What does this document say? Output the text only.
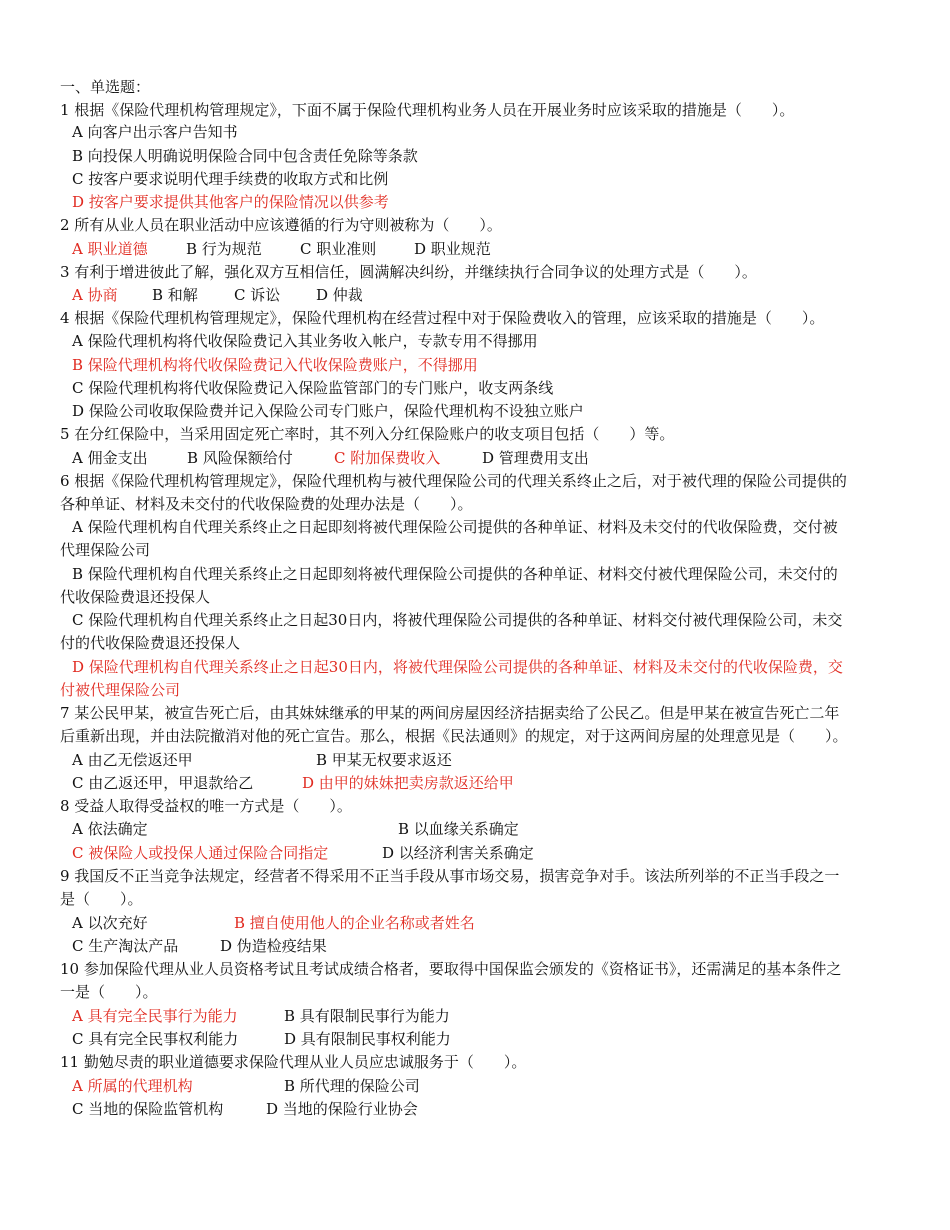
一、单选题：
1 根据《保险代理机构管理规定》，下面不属于保险代理机构业务人员在开展业务时应该采取的措施是（　　）。
A 向客户出示客户告知书
B 向投保人明确说明保险合同中包含责任免除等条款
C 按客户要求说明代理手续费的收取方式和比例
D 按客户要求提供其他客户的保险情况以供参考
2 所有从业人员在职业活动中应该遵循的行为守则被称为（　　）。
A 职业道德	B 行为规范	C 职业准则	D 职业规范
3 有利于增进彼此了解，强化双方互相信任，圆满解决纠纷，并继续执行合同争议的处理方式是（　　）。
A 协商 B 和解 C 诉讼 D 仲裁
4 根据《保险代理机构管理规定》，保险代理机构在经营过程中对于保险费收入的管理，应该采取的措施是（　　）。
A 保险代理机构将代收保险费记入其业务收入帐户，专款专用不得挪用
B 保险代理机构将代收保险费记入代收保险费账户，不得挪用
C 保险代理机构将代收保险费记入保险监管部门的专门账户，收支两条线
D 保险公司收取保险费并记入保险公司专门账户，保险代理机构不设独立账户
5 在分红保险中，当采用固定死亡率时，其不列入分红保险账户的收支项目包括（　　）等。
A 佣金支出	B 风险保额给付	C 附加保费收入	D 管理费用支出
6 根据《保险代理机构管理规定》，保险代理机构与被代理保险公司的代理关系终止之后，对于被代理的保险公司提供的
各种单证、材料及未交付的代收保险费的处理办法是（　　）。
A 保险代理机构自代理关系终止之日起即刻将被代理保险公司提供的各种单证、材料及未交付的代收保险费，交付被
代理保险公司
B 保险代理机构自代理关系终止之日起即刻将被代理保险公司提供的各种单证、材料交付被代理保险公司，未交付的
代收保险费退还投保人
C 保险代理机构自代理关系终止之日起30日内，将被代理保险公司提供的各种单证、材料交付被代理保险公司，未交
付的代收保险费退还投保人
D 保险代理机构自代理关系终止之日起30日内，将被代理保险公司提供的各种单证、材料及未交付的代收保险费，交
付被代理保险公司
7 某公民甲某，被宣告死亡后，由其妹妹继承的甲某的两间房屋因经济拮据卖给了公民乙。但是甲某在被宣告死亡二年
后重新出现，并由法院撤消对他的死亡宣告。那么，根据《民法通则》的规定，对于这两间房屋的处理意见是（　　）。
A 由乙无偿返还甲	B 甲某无权要求返还
C 由乙返还甲，甲退款给乙	D 由甲的妹妹把卖房款返还给甲
8 受益人取得受益权的唯一方式是（　　）。
A 依法确定	B 以血缘关系确定
C 被保险人或投保人通过保险合同指定	D 以经济利害关系确定
9 我国反不正当竞争法规定，经营者不得采用不正当手段从事市场交易，损害竞争对手。该法所列举的不正当手段之一
是（　　）。
A 以次充好	B 擅自使用他人的企业名称或者姓名
C 生产淘汰产品	D 伪造检疫结果
10 参加保险代理从业人员资格考试且考试成绩合格者，要取得中国保监会颁发的《资格证书》，还需满足的基本条件之
一是（　　）。
A 具有完全民事行为能力	B 具有限制民事行为能力
C 具有完全民事权利能力	D 具有限制民事权利能力
11 勤勉尽责的职业道德要求保险代理从业人员应忠诚服务于（　　）。
A 所属的代理机构	B 所代理的保险公司
C 当地的保险监管机构	D 当地的保险行业协会
